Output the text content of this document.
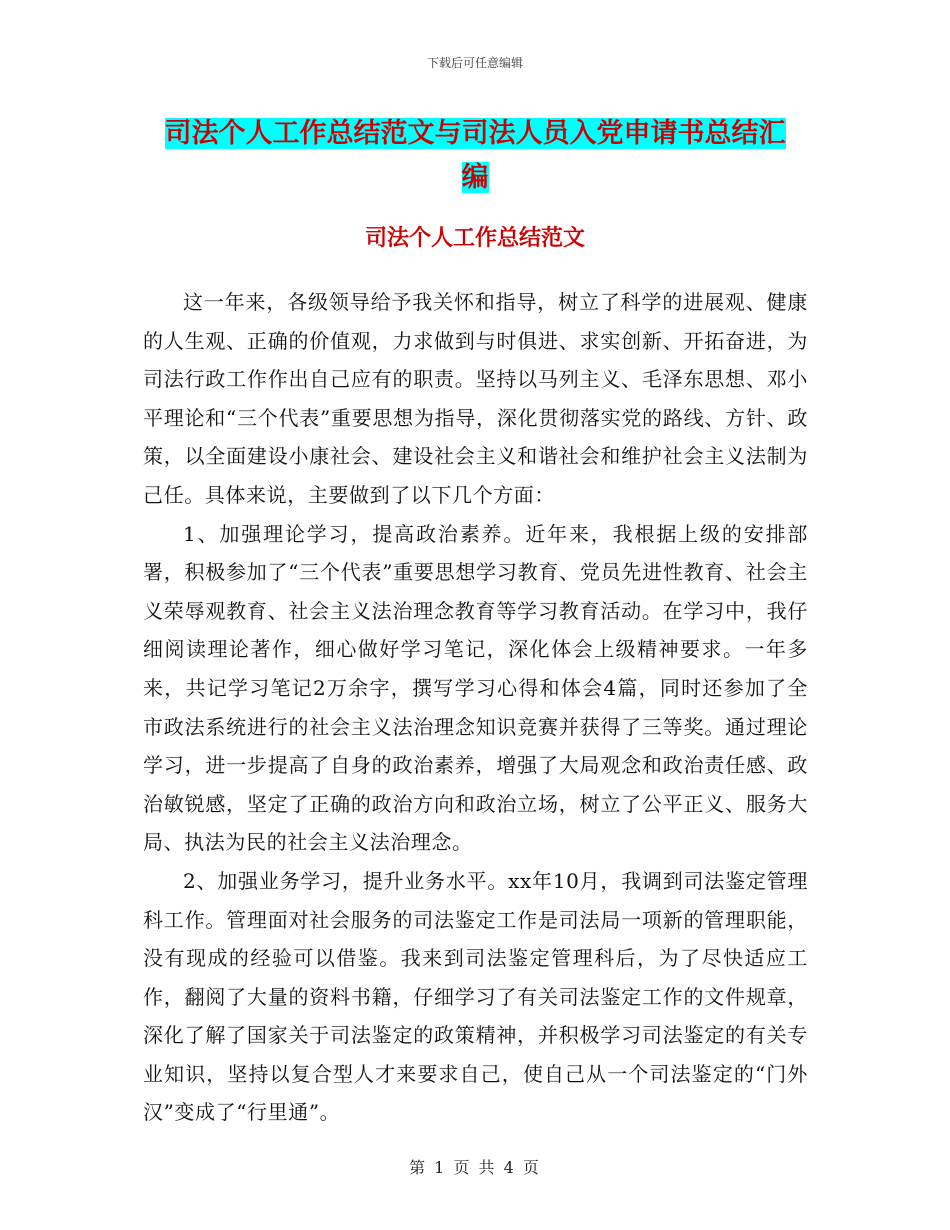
下载后可任意编辑
司法个人工作总结范文与司法人员入党申请书总结汇
编
司法个人工作总结范文

这一年来，各级领导给予我关怀和指导，树立了科学的进展观、健康的人生观、正确的价值观，力求做到与时俱进、求实创新、开拓奋进，为司法行政工作作出自己应有的职责。坚持以马列主义、毛泽东思想、邓小平理论和“三个代表”重要思想为指导，深化贯彻落实党的路线、方针、政策，以全面建设小康社会、建设社会主义和谐社会和维护社会主义法制为己任。具体来说，主要做到了以下几个方面：

1、加强理论学习，提高政治素养。近年来，我根据上级的安排部署，积极参加了“三个代表”重要思想学习教育、党员先进性教育、社会主义荣辱观教育、社会主义法治理念教育等学习教育活动。在学习中，我仔细阅读理论著作，细心做好学习笔记，深化体会上级精神要求。一年多来，共记学习笔记2万余字，撰写学习心得和体会4篇，同时还参加了全市政法系统进行的社会主义法治理念知识竞赛并获得了三等奖。通过理论学习，进一步提高了自身的政治素养，增强了大局观念和政治责任感、政治敏锐感，坚定了正确的政治方向和政治立场，树立了公平正义、服务大局、执法为民的社会主义法治理念。

2、加强业务学习，提升业务水平。xx年10月，我调到司法鉴定管理科工作。管理面对社会服务的司法鉴定工作是司法局一项新的管理职能，没有现成的经验可以借鉴。我来到司法鉴定管理科后，为了尽快适应工作，翻阅了大量的资料书籍，仔细学习了有关司法鉴定工作的文件规章，深化了解了国家关于司法鉴定的政策精神，并积极学习司法鉴定的有关专业知识，坚持以复合型人才来要求自己，使自己从一个司法鉴定的“门外汉”变成了“行里通”。

第 1 页 共 4 页
